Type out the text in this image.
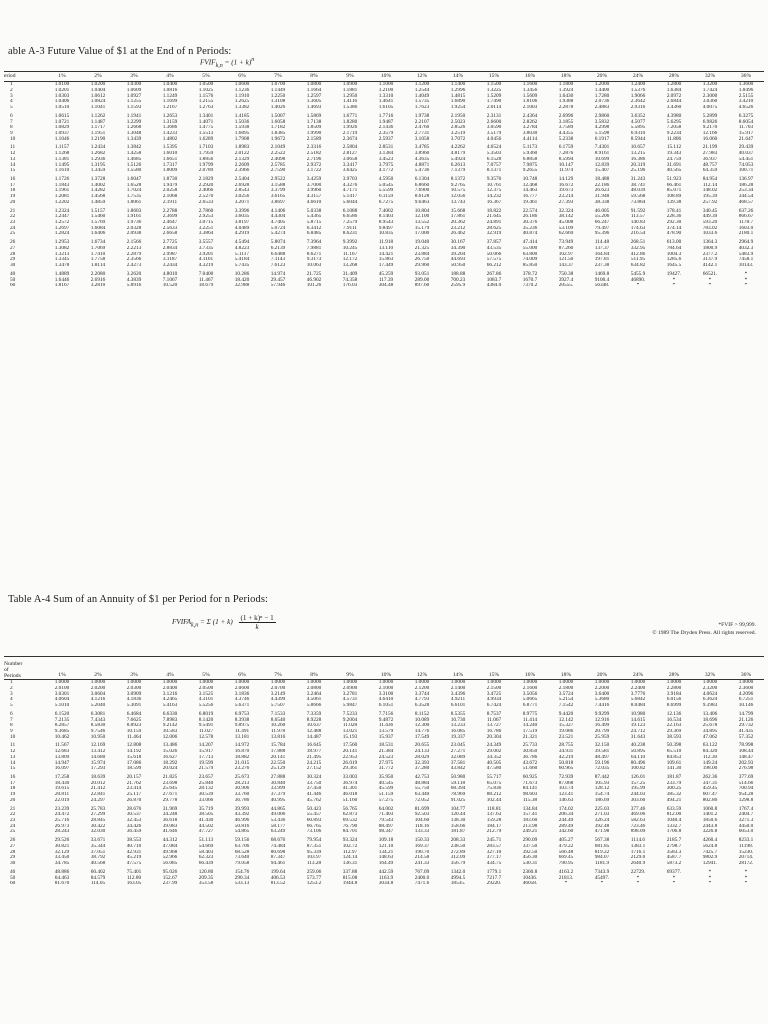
able A-3 Future Value of $1 at the End of n Periods:
$FVIF_{k,n} = (1 + k)^n$
eriod	1%	2%	3%	4%	5%	6%	7%	8%	9%	10%	12%	14%	15%	16%	18%	20%	24%	28%	32%	36%
1	1.0100	1.0200	1.0300	1.0400	1.0500	1.0600	1.0700	1.0800	1.0900	1.1000	1.1200	1.1400	1.1500	1.1600	1.1800	1.2000	1.2400	1.2800	1.3200	1.3600
2	1.0201	1.0404	1.0609	1.0816	1.1025	1.1236	1.1449	1.1664	1.1881	1.2100	1.2544	1.2996	1.3225	1.3456	1.3924	1.4400	1.5376	1.6384	1.7424	1.8496
3	1.0303	1.0612	1.0927	1.1249	1.1576	1.1910	1.2250	1.2597	1.2950	1.3310	1.4049	1.4815	1.5209	1.5609	1.6430	1.7280	1.9066	2.0972	2.3000	2.5155
4	1.0406	1.0824	1.1255	1.1699	1.2155	1.2625	1.3108	1.3605	1.4116	1.4641	1.5735	1.6890	1.7490	1.8106	1.9388	2.0736	2.3642	2.6844	3.0360	3.4210
5	1.0510	1.1041	1.1593	1.2167	1.2763	1.3382	1.4026	1.4693	1.5386	1.6105	1.7623	1.9254	2.0114	2.1003	2.2878	2.4883	2.9316	3.4360	4.0075	4.6526
6	1.0615	1.1262	1.1941	1.2653	1.3401	1.4185	1.5007	1.5869	1.6771	1.7716	1.9738	2.1950	2.3131	2.4364	2.6996	2.9860	3.6352	4.3980	5.2899	6.3275
7	1.0721	1.1487	1.2299	1.3159	1.4071	1.5036	1.6058	1.7138	1.8280	1.9487	2.2107	2.5023	2.6600	2.8262	3.1855	3.5832	4.5077	5.6295	6.9826	8.6054
8	1.0829	1.1717	1.2668	1.3686	1.4775	1.5938	1.7182	1.8509	1.9926	2.1436	2.4760	2.8526	3.0590	3.2784	3.7589	4.2998	5.5895	7.2058	9.2170	11.703
9	1.0937	1.1951	1.3048	1.4233	1.5513	1.6895	1.8385	1.9990	2.1719	2.3579	2.7731	3.2519	3.5179	3.8030	4.4355	5.1598	6.9310	9.2234	12.166	15.917
10	1.1046	1.2190	1.3439	1.4802	1.6289	1.7908	1.9672	2.1589	2.3674	2.5937	3.1058	3.7072	4.0456	4.4114	5.2338	6.1917	8.5944	11.806	16.060	21.647
11	1.1157	1.2434	1.3842	1.5395	1.7103	1.8983	2.1049	2.3316	2.5804	2.8531	3.4785	4.2262	4.6524	5.1173	6.1759	7.4301	10.657	15.112	21.199	29.439
12	1.1268	1.2682	1.4258	1.6010	1.7959	2.0122	2.2522	2.5182	2.8127	3.1384	3.8960	4.8179	5.3503	5.9360	7.2876	8.9161	13.215	19.343	27.983	40.037
13	1.1381	1.2936	1.4685	1.6651	1.8856	2.1329	2.4098	2.7196	3.0658	3.4523	4.3635	5.4924	6.1528	6.8858	8.5994	10.699	16.386	24.759	36.937	54.451
14	1.1495	1.3195	1.5126	1.7317	1.9799	2.2609	2.5785	2.9372	3.3417	3.7975	4.8871	6.2613	7.0757	7.9875	10.147	12.839	20.319	31.691	48.757	74.053
15	1.1610	1.3459	1.5580	1.8009	2.0789	2.3966	2.7590	3.1722	3.6425	4.1772	5.4736	7.1379	8.1371	9.2655	11.974	15.407	25.196	40.565	64.359	100.71
16	1.1726	1.3728	1.6047	1.8730	2.1829	2.5404	2.9522	3.4259	3.9703	4.5950	6.1304	8.1372	9.3576	10.748	14.129	18.488	31.243	51.923	84.954	136.97
17	1.1843	1.4002	1.6528	1.9479	2.2920	2.6928	3.1588	3.7000	4.3276	5.0545	6.8660	9.2765	10.761	12.468	16.672	22.186	38.741	66.461	112.14	186.28
18	1.1961	1.4282	1.7024	2.0258	2.4066	2.8543	3.3799	3.9960	4.7171	5.5599	7.6900	10.575	12.375	14.463	19.673	26.623	48.039	85.071	148.02	253.34
19	1.2081	1.4568	1.7535	2.1068	2.5270	3.0256	3.6165	4.3157	5.1417	6.1159	8.6128	12.056	14.232	16.777	23.214	31.948	59.568	108.89	195.39	344.54
20	1.2202	1.4859	1.8061	2.1911	2.6533	3.2071	3.8697	4.6610	5.6044	6.7275	9.6463	13.743	16.367	19.461	27.393	38.338	73.864	139.38	257.92	468.57
21	1.2324	1.5157	1.8603	2.2788	2.7860	3.3996	4.1406	5.0338	6.1088	7.4002	10.804	15.668	18.822	22.574	32.324	46.005	91.592	178.41	340.45	637.26
22	1.2447	1.5460	1.9161	2.3699	2.9253	3.6035	4.4304	5.4365	6.6586	8.1403	12.100	17.861	21.645	26.186	38.142	55.206	113.57	228.36	449.39	866.67
23	1.2572	1.5769	1.9736	2.4647	3.0715	3.8197	4.7405	5.8715	7.2579	8.9543	13.552	20.362	24.891	30.376	45.008	66.247	140.83	292.30	593.20	1178.7
24	1.2697	1.6084	2.0328	2.5633	3.2251	4.0489	5.0724	6.3412	7.9111	9.8497	15.179	23.212	28.625	35.236	53.109	79.497	174.63	374.14	783.02	1603.0
25	1.2824	1.6406	2.0938	2.6658	3.3864	4.2919	5.4274	6.8485	8.6231	10.835	17.000	26.462	32.919	40.874	62.669	95.396	216.54	478.90	1033.6	2180.1
26	1.2953	1.6734	2.1566	2.7725	3.5557	4.5494	5.8074	7.3964	9.3992	11.918	19.040	30.167	37.857	47.414	73.949	114.48	268.51	613.00	1364.3	2964.9
27	1.3082	1.7069	2.2213	2.8834	3.7335	4.8223	6.2139	7.9881	10.245	13.110	21.325	34.390	43.535	55.000	87.260	137.37	332.95	784.64	1800.9	4032.3
28	1.3213	1.7410	2.2879	2.9987	3.9201	5.1117	6.6488	8.6271	11.167	14.421	23.884	39.204	50.066	63.800	102.97	164.84	412.86	1004.3	2377.2	5483.9
29	1.3345	1.7758	2.3566	3.1187	4.1161	5.4184	7.1143	9.3173	12.172	15.863	26.750	44.693	57.575	74.009	121.50	197.81	511.95	1285.6	3137.9	7458.1
30	1.3478	1.8114	2.4273	3.2434	4.3219	5.7435	7.6123	10.063	13.268	17.449	29.960	50.950	66.212	85.850	143.37	237.38	634.82	1645.5	4142.1	10143.
40	1.4889	2.2080	3.2620	4.8010	7.0400	10.286	14.974	21.725	31.409	45.259	93.051	188.88	267.86	378.72	750.38	1469.8	5455.9	19427.	66521.	*
50	1.6446	2.6916	4.3839	7.1067	11.467	18.420	29.457	46.902	74.358	117.39	289.00	700.23	1083.7	1670.7	3927.4	9100.4	46890.	*	*	*
60	1.8167	3.2810	5.8916	10.520	18.679	32.988	57.946	101.26	176.03	304.48	897.60	2595.9	4384.0	7370.2	20555.	56348.	*	*	*	*
*FVIF > 99,999.
© 1989 The Dryden Press. All rights reserved.
Table A-4 Sum of an Annuity of $1 per Period for n Periods:
$FVIFA_{k,n} = \Sigma$ $(1 + k) \frac{\text{(1 + k)ⁿ − 1}}{k}$
Number
of
Periods	1%	2%	3%	4%	5%	6%	7%	8%	9%	10%	12%	14%	15%	16%	18%	20%	24%	28%	32%	36%
1	1.0000	1.0000	1.0000	1.0000	1.0000	1.0000	1.0000	1.0000	1.0000	1.0000	1.0000	1.0000	1.0000	1.0000	1.0000	1.0000	1.0000	1.0000	1.0000	1.0000
2	2.0100	2.0200	2.0300	2.0400	2.0500	2.0600	2.0700	2.0800	2.0900	2.1000	2.1200	2.1400	2.1500	2.1600	2.1800	2.2000	2.2400	2.2800	2.3200	2.3600
3	3.0301	3.0604	3.0909	3.1216	3.1525	3.1836	3.2149	3.2464	3.2781	3.3100	3.3744	3.4396	3.4725	3.5056	3.5724	3.6400	3.7776	3.9184	4.0624	4.2096
4	4.0604	4.1216	4.1836	4.2465	4.3101	4.3746	4.4399	4.5061	4.5731	4.6410	4.7793	4.9211	4.9934	5.0665	5.2154	5.3680	5.6842	6.0156	6.3624	6.7251
5	5.1010	5.2040	5.3091	5.4163	5.5256	5.6371	5.7507	5.8666	5.9847	6.1051	6.3528	6.6101	6.7424	6.8771	7.1542	7.4416	8.0484	8.6999	9.3983	10.146
6	6.1520	6.3081	6.4684	6.6330	6.8019	6.9753	7.1533	7.3359	7.5233	7.7156	8.1152	8.5355	8.7537	8.9775	9.4420	9.9299	10.980	12.136	13.406	14.799
7	7.2135	7.4343	7.6625	7.8983	8.1420	8.3938	8.6540	8.9228	9.2004	9.4872	10.089	10.730	11.067	11.414	12.142	12.916	14.615	16.534	18.696	21.126
8	8.2857	8.5830	8.8923	9.2142	9.5491	9.8975	10.260	10.637	11.028	11.436	12.300	13.233	13.727	14.240	15.327	16.499	19.123	22.163	25.678	29.732
9	9.3685	9.7546	10.159	10.583	11.027	11.491	11.978	12.488	13.021	13.579	14.776	16.085	16.786	17.519	19.086	20.799	24.712	29.369	34.895	41.435
10	10.462	10.950	11.464	12.006	12.578	13.181	13.816	14.487	15.193	15.937	17.549	19.337	20.304	21.321	23.521	25.959	31.643	38.593	47.062	57.352
11	11.567	12.169	12.808	13.486	14.207	14.972	15.784	16.645	17.560	18.531	20.655	23.045	24.349	25.733	28.755	32.150	40.238	50.398	63.122	78.998
12	12.683	13.412	14.192	15.026	15.917	16.870	17.888	18.977	20.141	21.384	24.133	27.271	29.002	30.850	34.931	39.581	50.895	65.510	84.320	108.44
13	13.809	14.680	15.618	16.627	17.713	18.882	20.141	21.495	22.953	24.523	28.029	32.089	34.352	36.786	42.219	48.497	64.110	84.853	112.30	148.47
14	14.947	15.974	17.086	18.292	19.599	21.015	22.550	24.215	26.019	27.975	32.393	37.581	40.505	43.672	50.818	59.196	80.496	109.61	149.24	202.93
15	16.097	17.293	18.599	20.024	21.579	23.276	25.129	27.152	29.361	31.772	37.280	43.842	47.580	51.660	60.965	72.035	100.82	141.30	198.00	276.98
16	17.258	18.639	20.157	21.825	23.657	25.673	27.888	30.324	33.003	35.950	42.753	50.980	55.717	60.925	72.939	87.442	126.01	181.87	262.36	377.69
17	18.430	20.012	21.762	23.698	25.840	28.213	30.840	33.750	36.974	40.545	48.884	59.118	65.075	71.673	87.068	105.93	157.25	233.79	347.31	514.66
18	19.615	21.412	23.414	25.645	28.132	30.906	33.999	37.450	41.301	45.599	55.750	68.394	75.836	84.141	103.74	128.12	195.99	300.25	459.45	700.94
19	20.811	22.841	25.117	27.671	30.539	33.760	37.379	41.446	46.018	51.159	63.440	78.969	88.212	98.603	123.41	154.74	244.03	385.32	607.47	954.28
20	22.019	24.297	26.870	29.778	33.066	36.786	40.995	45.762	51.160	57.275	72.052	91.025	102.44	115.38	146.63	186.69	303.60	494.21	802.86	1298.8
21	23.239	25.783	28.676	31.969	35.719	39.993	44.865	50.423	56.765	64.002	81.699	104.77	118.81	134.84	174.02	225.03	377.46	633.59	1060.8	1767.4
22	24.472	27.299	30.537	34.248	38.505	43.392	49.006	55.457	62.873	71.403	92.503	120.44	137.63	157.41	206.34	271.03	469.06	812.00	1401.2	2404.7
23	25.716	28.845	32.453	36.618	41.430	46.996	53.436	60.893	69.532	79.543	104.60	138.30	159.28	183.60	244.49	326.24	582.63	1040.4	1850.6	3271.3
24	26.973	30.422	34.426	39.083	44.502	50.816	58.177	66.765	76.790	88.497	118.16	158.66	184.17	213.98	289.49	392.48	723.46	1332.7	2443.8	4450.0
25	28.243	32.030	36.459	41.646	47.727	54.865	63.249	73.106	84.701	98.347	133.33	181.87	212.79	249.21	342.60	471.98	898.09	1706.8	3226.8	6053.0
26	29.526	33.671	38.553	44.312	51.113	59.156	68.676	79.954	93.324	109.18	150.33	208.33	245.71	290.09	405.27	567.38	1114.6	2185.7	4260.4	8233.1
27	30.821	35.344	40.710	47.084	54.669	63.706	74.484	87.351	102.72	121.10	169.37	238.50	283.57	337.50	479.22	681.85	1383.1	2798.7	5624.8	11198.
28	32.129	37.051	42.931	49.968	58.403	68.528	80.698	95.339	112.97	134.21	190.70	272.89	327.10	392.50	566.48	819.22	1716.1	3583.3	7425.7	15230.
29	33.450	38.792	45.219	52.966	62.323	73.640	87.347	103.97	124.14	148.63	214.58	312.09	377.17	456.30	669.45	984.07	2129.0	4587.7	9802.9	20714.
30	34.785	40.568	47.575	56.085	66.439	79.058	94.461	113.28	136.31	164.49	241.33	356.79	434.75	530.31	790.95	1181.9	2640.9	5873.2	12941.	28172.
40	48.886	60.402	75.401	95.026	120.80	154.76	199.64	259.06	337.88	442.59	767.09	1342.0	1779.1	2360.8	4163.2	7343.9	22729.	69377.	*	*
50	64.463	84.579	112.80	152.67	209.35	290.34	406.53	573.77	815.08	1163.9	2400.0	4994.5	7217.7	10436.	21813.	45497.	*	*	*	*
60	81.670	114.05	163.05	237.99	353.58	533.13	813.52	1253.2	1944.8	3034.8	7471.6	18535.	29220.	46058.	*	*	*	*	*	*
